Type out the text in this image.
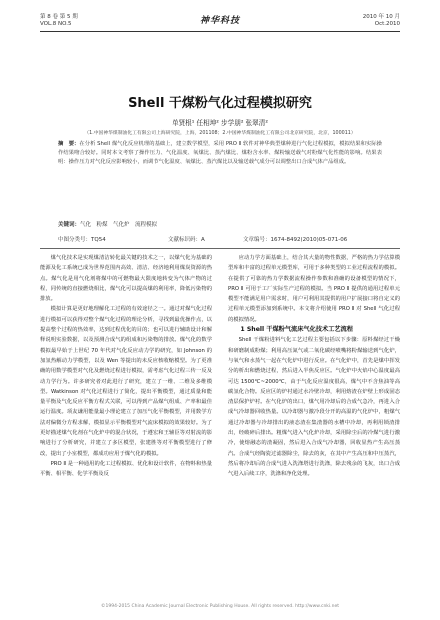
第 8 卷 第 5 期
VOL.8 NO.5	神华科技	2010 年 10 月
Oct.2010
Shell 干煤粉气化过程模拟研究
单贤根¹ 任相坤² 步学朋² 张翠清²
（1.中国神华煤制油化工有限公司上海研究院，上海，201108；2.中国神华煤制油化工有限公司北京研究院，北京，100011）
摘　要：在分析 Shell 煤气化反应机理的基础上，建立数学模型，采用 PRO Ⅱ 软件对神华典型煤种进行气化过程模拟，模拟结果和实际操作结果吻合较好。同时本文考察了操作压力、气化温度、氧煤比、蒸汽煤比、煤粉含水率、煤粉输送载气对粉煤气化性能的影响。结果表明：操作压力对气化反应影响较小，而调节气化温度、氧煤比、蒸汽煤比以及输送载气成分可以调整出口合成气体产品组成。
关键词：气化　粉煤　气化炉　流程模拟
中图分类号：TQ54	文献标识码：A	文章编号：1674-8492(2010)05-071-06

煤气化技术是实现煤清洁转化最关键的技术之一，以煤气化为基础的能源及化工系统已成为世界范围内高效、清洁、经济地利用煤炭资源的热点。煤气化是用气化剂将煤中的可燃物最大限度地转变为气体产物的过程，同传统的直接燃烧相比，煤气化可以提高煤的利用率，降低污染物的排放。

模拟计算是更好地理解化工过程的有效途径之一。通过对煤气化过程进行模拟可以获得对整个煤气化过程的理论分析，寻找到最优操作点，以提高整个过程的热效率，达到过程优化的目的；也可以进行辅助设计和解释说明实验数据，以及预测合成气的组成和污染物的排放。煤气化的数学模拟最早始于上世纪 70 年代对气化反应动力学的研究，如 Johnson 的加氢热解动力学模型，以及 Wen 等提出的未反应核收缩模型。为了更准确的用数学模型对气化及燃烧过程进行模拟，需考虑气化过程三传一反及动力学行为。许多研究者对此进行了研究，建立了一维、二维及多维模型。Watkinson 对气化过程进行了简化，提出平衡模型，通过质量和能量平衡及气化反应平衡方程式关联，可以得到产品煤气组成、产率和最佳运行温度。项友谦用能量最小理论建立了加压气化平衡模型，并用数学方法对偏微分方程求解，模拟显示平衡模型对气流床模拟的效果较好。为了更好描述煤气化剂在气化炉中的混合状况，于遵宏和王辅臣等对射流的影响进行了分析研究，并建立了多区模型，张建胜等对平衡模型进行了修改，提出了小室模型，都成功应用于煤气化的模拟。

PRO Ⅱ 是一种通用的化工过程模拟、优化和设计软件，在物料和热量平衡、相平衡、化学平衡及反

应动力学方面基础上，结合其大量的物性数据，严格的热力学估算模型库和丰富的过程单元模型库，可用于多种类型的工业过程流程的模拟。在提供了可靠的热力学数据流程操作参数和准确的设备模型的情况下，PRO Ⅱ 可用于工厂实际生产过程的模拟。当 PRO Ⅱ 提供的通用过程单元模型不能满足用户需求时，用户可利用其提供的用户扩展接口将自定义的过程单元模型添加到系统中。本文将介绍使用 PRO Ⅱ 对 Shell 气化过程的模拟情况。

1 Shell 干煤粉气流床气化技术工艺流程

Shell 干煤粉进料气化工艺过程主要包括以下步骤：原料煤经过干燥和研磨制成粉煤；利用高压氮气或二氧化碳经喷嘴将粉煤输送到气化炉，与氧气和水蒸气一起在气化炉中进行反应。在气化炉中，首先是煤中挥发分的析出和燃烧过程，然后进入半焦反应区。气化炉中火焰中心温度最高可达 1500℃~2000℃，由于气化反应温度很高，煤气中不含焦油等高碳氢化合物。反应区的炉衬通过水冷壁冷却，利用熔渣在炉壁上形成固态渣层保护炉衬。在气化炉的出口，煤气用冷却后的合成气急冷，再进入合成气冷却器回收热量。以冷却器与激冷段分开的高温的气化炉中，粗煤气通过冷却器与冷却排出的液态渣在集渣器的水槽中冷却，再利用锁渣排出，经破碎后排出。粗煤气进入气化炉冷却，采用除尘后的冷煤气进行激冷，使熔融态的渣凝固，然后进入合成气冷却器，回收显热产生高压蒸汽。合成气经陶瓷过滤器除尘，除去的灰，在其中产生高压和中压蒸汽，然后将冷却后的合成气进入洗涤塔进行洗涤，除去残余的飞灰，出口合成气进入后续工序，洗涤和净化处理。

©1994-2015 China Academic Journal Electronic Publishing House. All rights reserved. http://www.cnki.net
